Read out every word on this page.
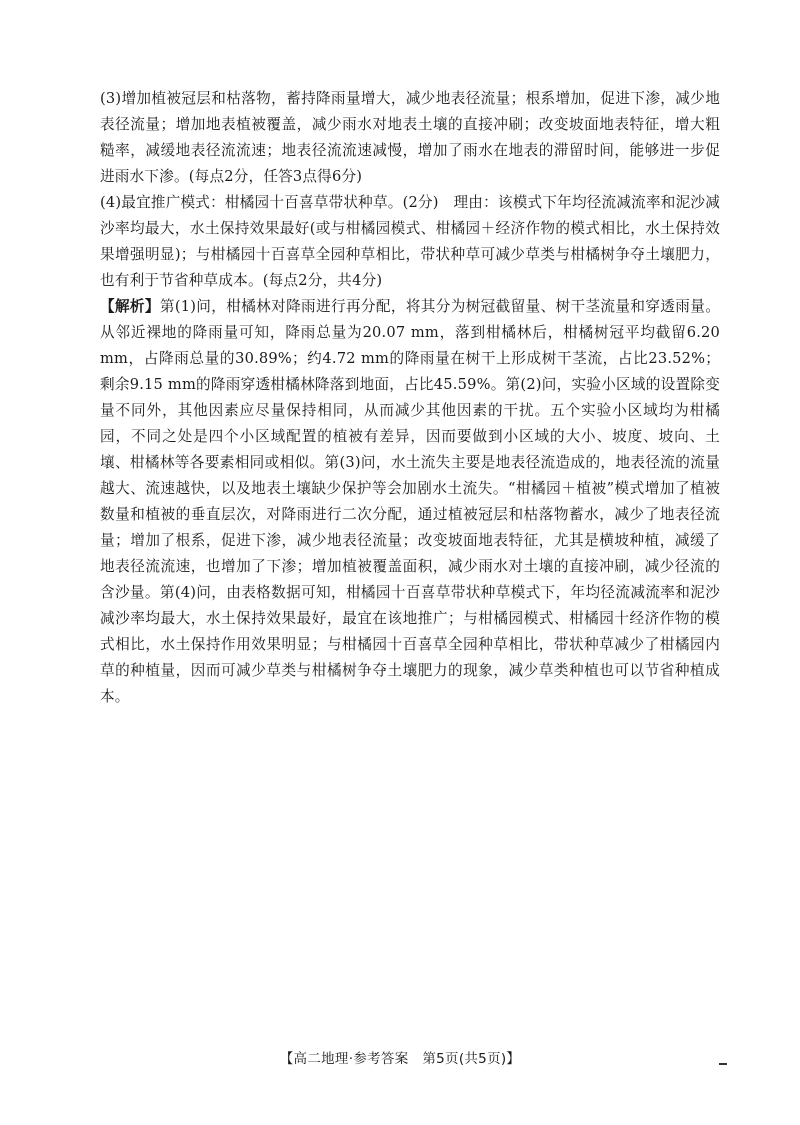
(3)增加植被冠层和枯落物，蓄持降雨量增大，减少地表径流量；根系增加，促进下渗，减少地表径流量；增加地表植被覆盖，减少雨水对地表土壤的直接冲刷；改变坡面地表特征，增大粗糙率，减缓地表径流流速；地表径流流速减慢，增加了雨水在地表的滞留时间，能够进一步促进雨水下渗。(每点2分，任答3点得6分)

(4)最宜推广模式：柑橘园十百喜草带状种草。(2分)　理由：该模式下年均径流减流率和泥沙减沙率均最大，水土保持效果最好(或与柑橘园模式、柑橘园＋经济作物的模式相比，水土保持效果增强明显)；与柑橘园十百喜草全园种草相比，带状种草可减少草类与柑橘树争夺土壤肥力，也有利于节省种草成本。(每点2分，共4分)

【解析】第(1)问，柑橘林对降雨进行再分配，将其分为树冠截留量、树干茎流量和穿透雨量。从邻近裸地的降雨量可知，降雨总量为20.07 mm，落到柑橘林后，柑橘树冠平均截留6.20 mm，占降雨总量的30.89%；约4.72 mm的降雨量在树干上形成树干茎流，占比23.52%；剩余9.15 mm的降雨穿透柑橘林降落到地面，占比45.59%。第(2)问，实验小区域的设置除变量不同外，其他因素应尽量保持相同，从而减少其他因素的干扰。五个实验小区域均为柑橘园，不同之处是四个小区域配置的植被有差异，因而要做到小区域的大小、坡度、坡向、土壤、柑橘林等各要素相同或相似。第(3)问，水土流失主要是地表径流造成的，地表径流的流量越大、流速越快，以及地表土壤缺少保护等会加剧水土流失。“柑橘园＋植被”模式增加了植被数量和植被的垂直层次，对降雨进行二次分配，通过植被冠层和枯落物蓄水，减少了地表径流量；增加了根系，促进下渗，减少地表径流量；改变坡面地表特征，尤其是横坡种植，减缓了地表径流流速，也增加了下渗；增加植被覆盖面积，减少雨水对土壤的直接冲刷，减少径流的含沙量。第(4)问，由表格数据可知，柑橘园十百喜草带状种草模式下，年均径流减流率和泥沙减沙率均最大，水土保持效果最好，最宜在该地推广；与柑橘园模式、柑橘园十经济作物的模式相比，水土保持作用效果明显；与柑橘园十百喜草全园种草相比，带状种草减少了柑橘园内草的种植量，因而可减少草类与柑橘树争夺土壤肥力的现象，减少草类种植也可以节省种植成本。

【高二地理·参考答案　第5页(共5页)】
